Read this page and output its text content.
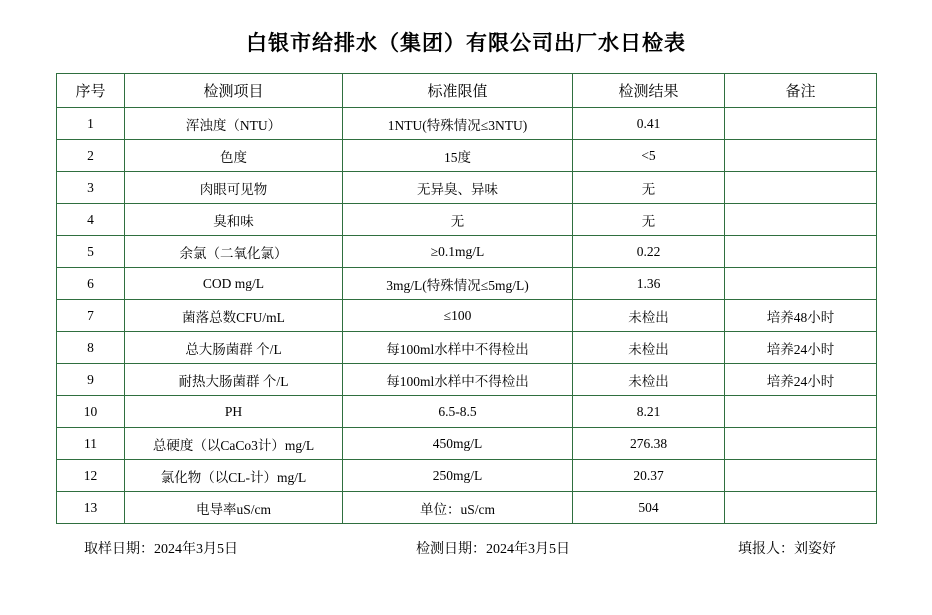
白银市给排水（集团）有限公司出厂水日检表
序号	检测项目	标准限值	检测结果	备注
1	浑浊度（NTU）	1NTU(特殊情况≤3NTU)	0.41	
2	色度	15度	<5	
3	肉眼可见物	无异臭、异味	无	
4	臭和味	无	无	
5	余氯（二氧化氯）	≥0.1mg/L	0.22	
6	COD mg/L	3mg/L(特殊情况≤5mg/L)	1.36	
7	菌落总数CFU/mL	≤100	未检出	培养48小时
8	总大肠菌群 个/L	每100ml水样中不得检出	未检出	培养24小时
9	耐热大肠菌群 个/L	每100ml水样中不得检出	未检出	培养24小时
10	PH	6.5-8.5	8.21	
11	总硬度（以CaCo3计）mg/L	450mg/L	276.38	
12	氯化物（以CL-计）mg/L	250mg/L	20.37	
13	电导率uS/cm	单位：uS/cm	504	
取样日期：2024年3月5日	检测日期：2024年3月5日	填报人：刘姿妤
